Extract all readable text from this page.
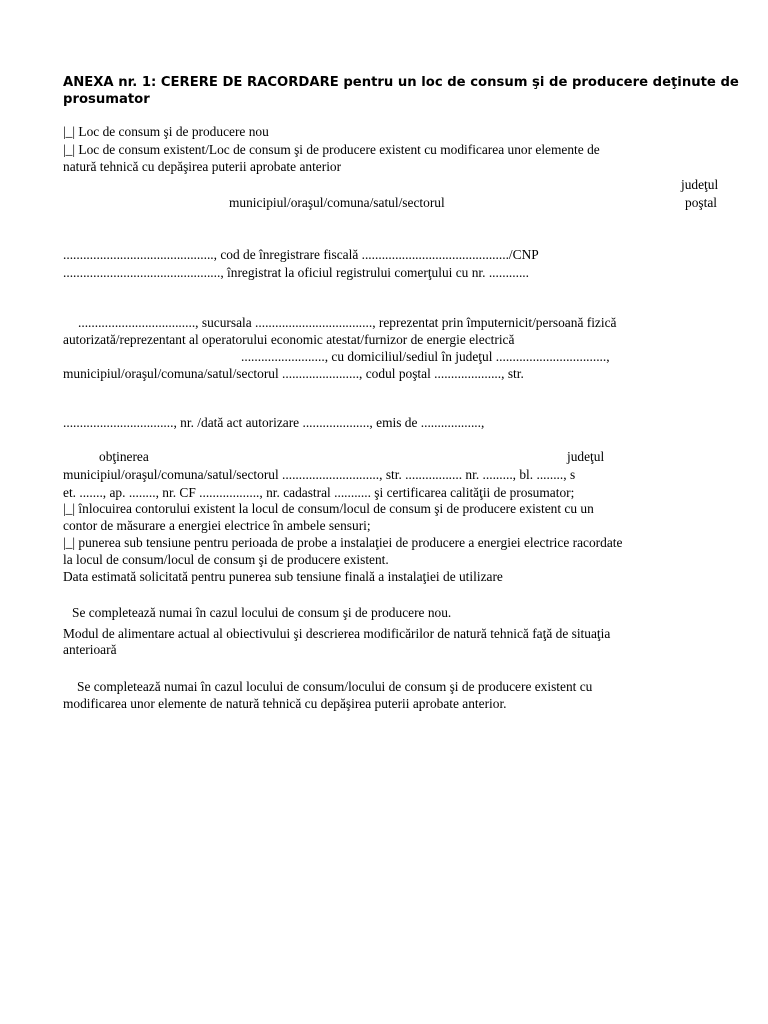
ANEXA nr. 1: CERERE DE RACORDARE pentru un loc de consum şi de producere deţinute de prosumator
|_| Loc de consum şi de producere nou
|_| Loc de consum existent/Loc de consum şi de producere existent cu modificarea unor elemente de
natură tehnică cu depăşirea puterii aprobate anterior
judeţul
municipiul/oraşul/comuna/satul/sectorul	poştal
............................................., cod de înregistrare fiscală ............................................/CNP
..............................................., înregistrat la oficiul registrului comerţului cu nr. ............
..................................., sucursala ..................................., reprezentat prin împuternicit/persoană fizică
autorizată/reprezentant al operatorului economic atestat/furnizor de energie electrică
........................., cu domiciliul/sediul în judeţul .................................,
municipiul/oraşul/comuna/satul/sectorul ......................., codul poştal ...................., str.
................................., nr. /dată act autorizare ...................., emis de ..................,
obţinerea	judeţul
municipiul/oraşul/comuna/satul/sectorul ............................., str. ................. nr. ........., bl. ........, s
et. ......., ap. ........, nr. CF .................., nr. cadastral ........... şi certificarea calităţii de prosumator;
|_| înlocuirea contorului existent la locul de consum/locul de consum şi de producere existent cu un
contor de măsurare a energiei electrice în ambele sensuri;
|_| punerea sub tensiune pentru perioada de probe a instalaţiei de producere a energiei electrice racordate
la locul de consum/locul de consum şi de producere existent.
Data estimată solicitată pentru punerea sub tensiune finală a instalaţiei de utilizare
Se completează numai în cazul locului de consum şi de producere nou.
Modul de alimentare actual al obiectivului şi descrierea modificărilor de natură tehnică faţă de situaţia
anterioară
Se completează numai în cazul locului de consum/locului de consum şi de producere existent cu
modificarea unor elemente de natură tehnică cu depăşirea puterii aprobate anterior.
